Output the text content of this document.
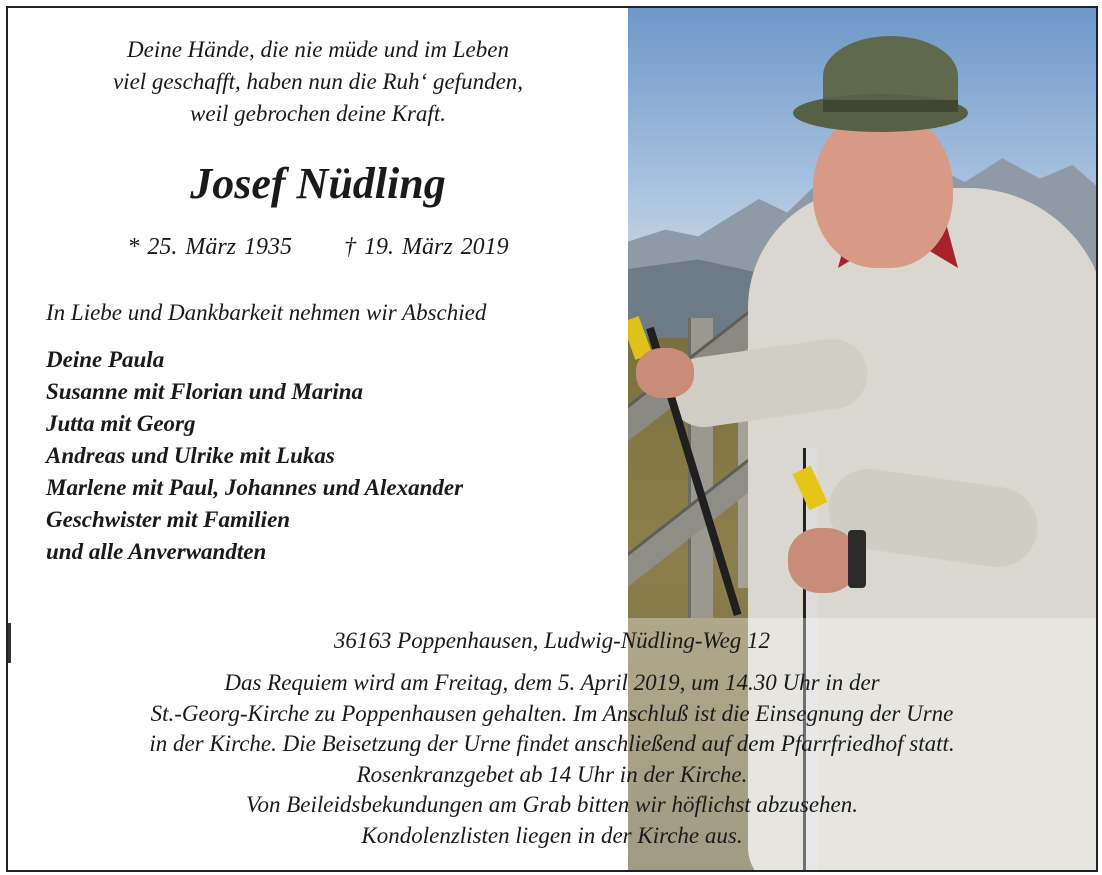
Deine Hände, die nie müde und im Leben
viel geschafft, haben nun die Ruh‘ gefunden,
weil gebrochen deine Kraft.
Josef Nüdling
* 25. März 1935 † 19. März 2019
In Liebe und Dankbarkeit nehmen wir Abschied
Deine Paula
Susanne mit Florian und Marina
Jutta mit Georg
Andreas und Ulrike mit Lukas
Marlene mit Paul, Johannes und Alexander
Geschwister mit Familien
und alle Anverwandten
36163 Poppenhausen, Ludwig-Nüdling-Weg 12
Das Requiem wird am Freitag, dem 5. April 2019, um 14.30 Uhr in der
St.-Georg-Kirche zu Poppenhausen gehalten. Im Anschluß ist die Einsegnung der Urne
in der Kirche. Die Beisetzung der Urne findet anschließend auf dem Pfarrfriedhof statt.
Rosenkranzgebet ab 14 Uhr in der Kirche.
Von Beileidsbekundungen am Grab bitten wir höflichst abzusehen.
Kondolenzlisten liegen in der Kirche aus.
